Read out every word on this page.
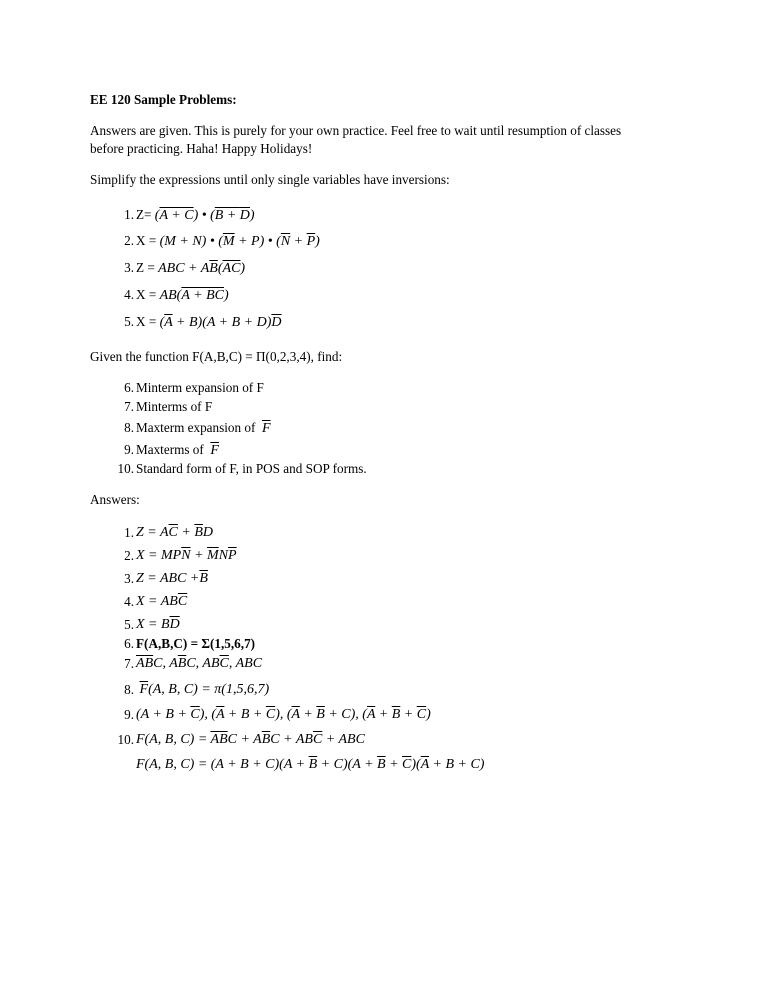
EE 120 Sample Problems:
Answers are given. This is purely for your own practice. Feel free to wait until resumption of classes
before practicing. Haha! Happy Holidays!
Simplify the expressions until only single variables have inversions:
1. Z= (A + C) • (B + D)
2. X = (M + N) • $(\overline{M} + P)$ • $(\overline{N} + \overline{P})$
3. Z = ABC + $A\overline{B}(AC)$
4. X = AB(A + BC)
5. $X = (\overline{A} + B)(A + B + D)\overline{D}$
Given the function F(A,B,C) = Π(0,2,3,4), find:
6. Minterm expansion of F
7. Minterms of F
8. Maxterm expansion of $\overline{F}$
9. Maxterms of $\overline{F}$
10. Standard form of F, in POS and SOP forms.
Answers:
1. $Z = A\overline{C} + \overline{B}D$
2. $X = MP\overline{N} + \overline{M}N\overline{P}$
3. Z = ABC $+\overline{B}$
4. $X = AB\overline{C}$
5. $X = B\overline{D}$
6. F(A,B,C) = Σ(1,5,6,7)
7. $\overline{A}\overline{B}C$, $A\overline{B}C$, $AB\overline{C}$, ABC
8. $\overline{F}(A$, B, C) = π(1,5,6,7)
9. $(A + B + \overline{C})$, $(\overline{A} + B + \overline{C})$, $(\overline{A} + \overline{B} + C)$, $(\overline{A} + \overline{B} + \overline{C})$
10. F(A, B, $C) = \overline{A}\overline{B}C + A\overline{B}C + AB\overline{C}$ + ABC
F(A, B, $C) = (A + B + C)(A + \overline{B} + C)(A + \overline{B} + \overline{C})(\overline{A} + B + C)$
